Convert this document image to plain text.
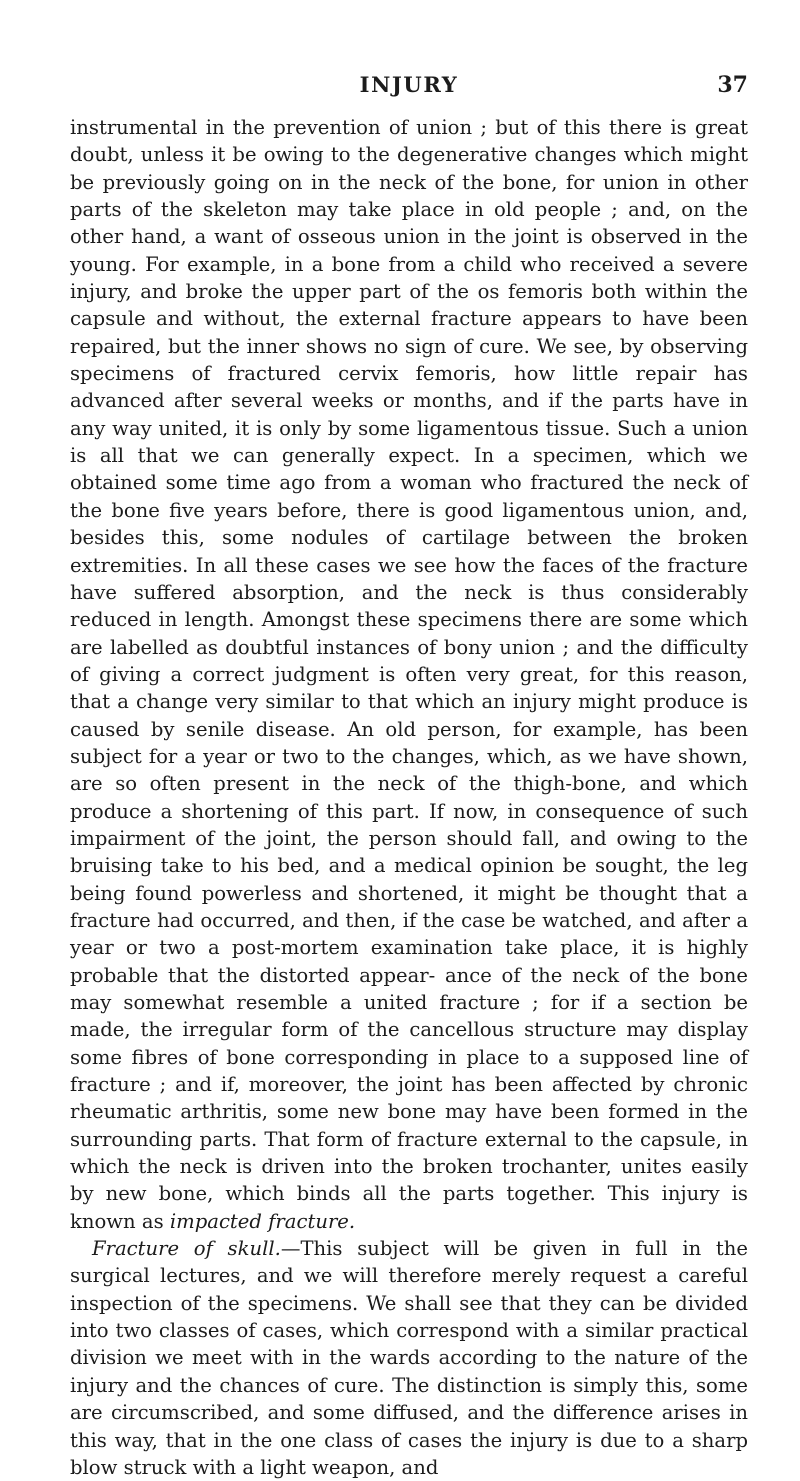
INJURY	37

instrumental in the prevention of union ; but of this there is great doubt, unless it be owing to the degenerative changes which might be previously going on in the neck of the bone, for union in other parts of the skeleton may take place in old people ; and, on the other hand, a want of osseous union in the joint is observed in the young. For example, in a bone from a child who received a severe injury, and broke the upper part of the os femoris both within the capsule and without, the external fracture appears to have been repaired, but the inner shows no sign of cure. We see, by observing specimens of fractured cervix femoris, how little repair has advanced after several weeks or months, and if the parts have in any way united, it is only by some ligamentous tissue. Such a union is all that we can generally expect. In a specimen, which we obtained some time ago from a woman who fractured the neck of the bone five years before, there is good ligamentous union, and, besides this, some nodules of cartilage between the broken extremities. In all these cases we see how the faces of the fracture have suffered absorption, and the neck is thus considerably reduced in length. Amongst these specimens there are some which are labelled as doubtful instances of bony union ; and the difficulty of giving a correct judgment is often very great, for this reason, that a change very similar to that which an injury might produce is caused by senile disease. An old person, for example, has been subject for a year or two to the changes, which, as we have shown, are so often present in the neck of the thigh-bone, and which produce a shortening of this part. If now, in consequence of such impairment of the joint, the person should fall, and owing to the bruising take to his bed, and a medical opinion be sought, the leg being found powerless and shortened, it might be thought that a fracture had occurred, and then, if the case be watched, and after a year or two a post-mortem examination take place, it is highly probable that the distorted appear- ance of the neck of the bone may somewhat resemble a united fracture ; for if a section be made, the irregular form of the cancellous structure may display some fibres of bone corresponding in place to a supposed line of fracture ; and if, moreover, the joint has been affected by chronic rheumatic arthritis, some new bone may have been formed in the surrounding parts. That form of fracture external to the capsule, in which the neck is driven into the broken trochanter, unites easily by new bone, which binds all the parts together. This injury is known as impacted fracture.

Fracture of skull.—This subject will be given in full in the surgical lectures, and we will therefore merely request a careful inspection of the specimens. We shall see that they can be divided into two classes of cases, which correspond with a similar practical division we meet with in the wards according to the nature of the injury and the chances of cure. The distinction is simply this, some are circumscribed, and some diffused, and the difference arises in this way, that in the one class of cases the injury is due to a sharp blow struck with a light weapon, and
